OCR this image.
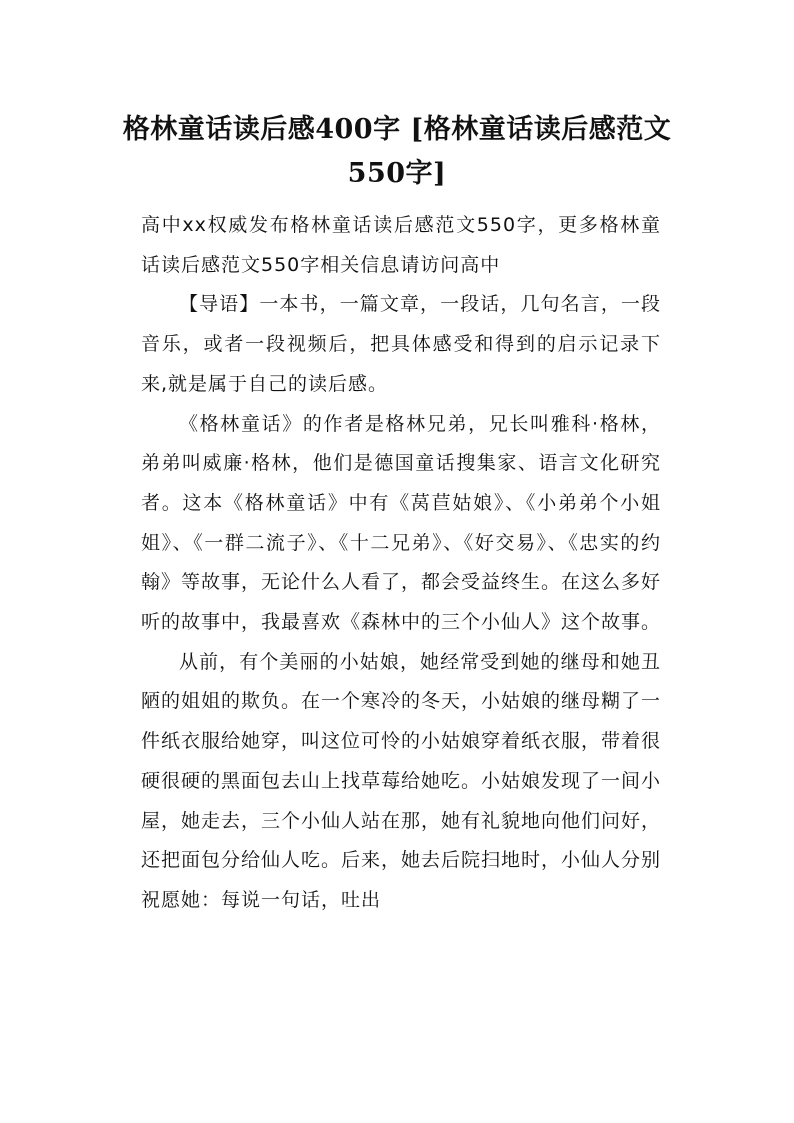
格林童话读后感400字 [格林童话读后感范文550字]

高中xx权威发布格林童话读后感范文550字，更多格林童话读后感范文550字相关信息请访问高中

【导语】一本书，一篇文章，一段话，几句名言，一段音乐，或者一段视频后，把具体感受和得到的启示记录下来,就是属于自己的读后感。

《格林童话》的作者是格林兄弟，兄长叫雅科·格林，弟弟叫威廉·格林，他们是德国童话搜集家、语言文化研究者。这本《格林童话》中有《莴苣姑娘》、《小弟弟个小姐姐》、《一群二流子》、《十二兄弟》、《好交易》、《忠实的约翰》等故事，无论什么人看了，都会受益终生。在这么多好听的故事中，我最喜欢《森林中的三个小仙人》这个故事。

从前，有个美丽的小姑娘，她经常受到她的继母和她丑陋的姐姐的欺负。在一个寒冷的冬天，小姑娘的继母糊了一件纸衣服给她穿，叫这位可怜的小姑娘穿着纸衣服，带着很硬很硬的黑面包去山上找草莓给她吃。小姑娘发现了一间小屋，她走去，三个小仙人站在那，她有礼貌地向他们问好，还把面包分给仙人吃。后来，她去后院扫地时，小仙人分别祝愿她：每说一句话，吐出
